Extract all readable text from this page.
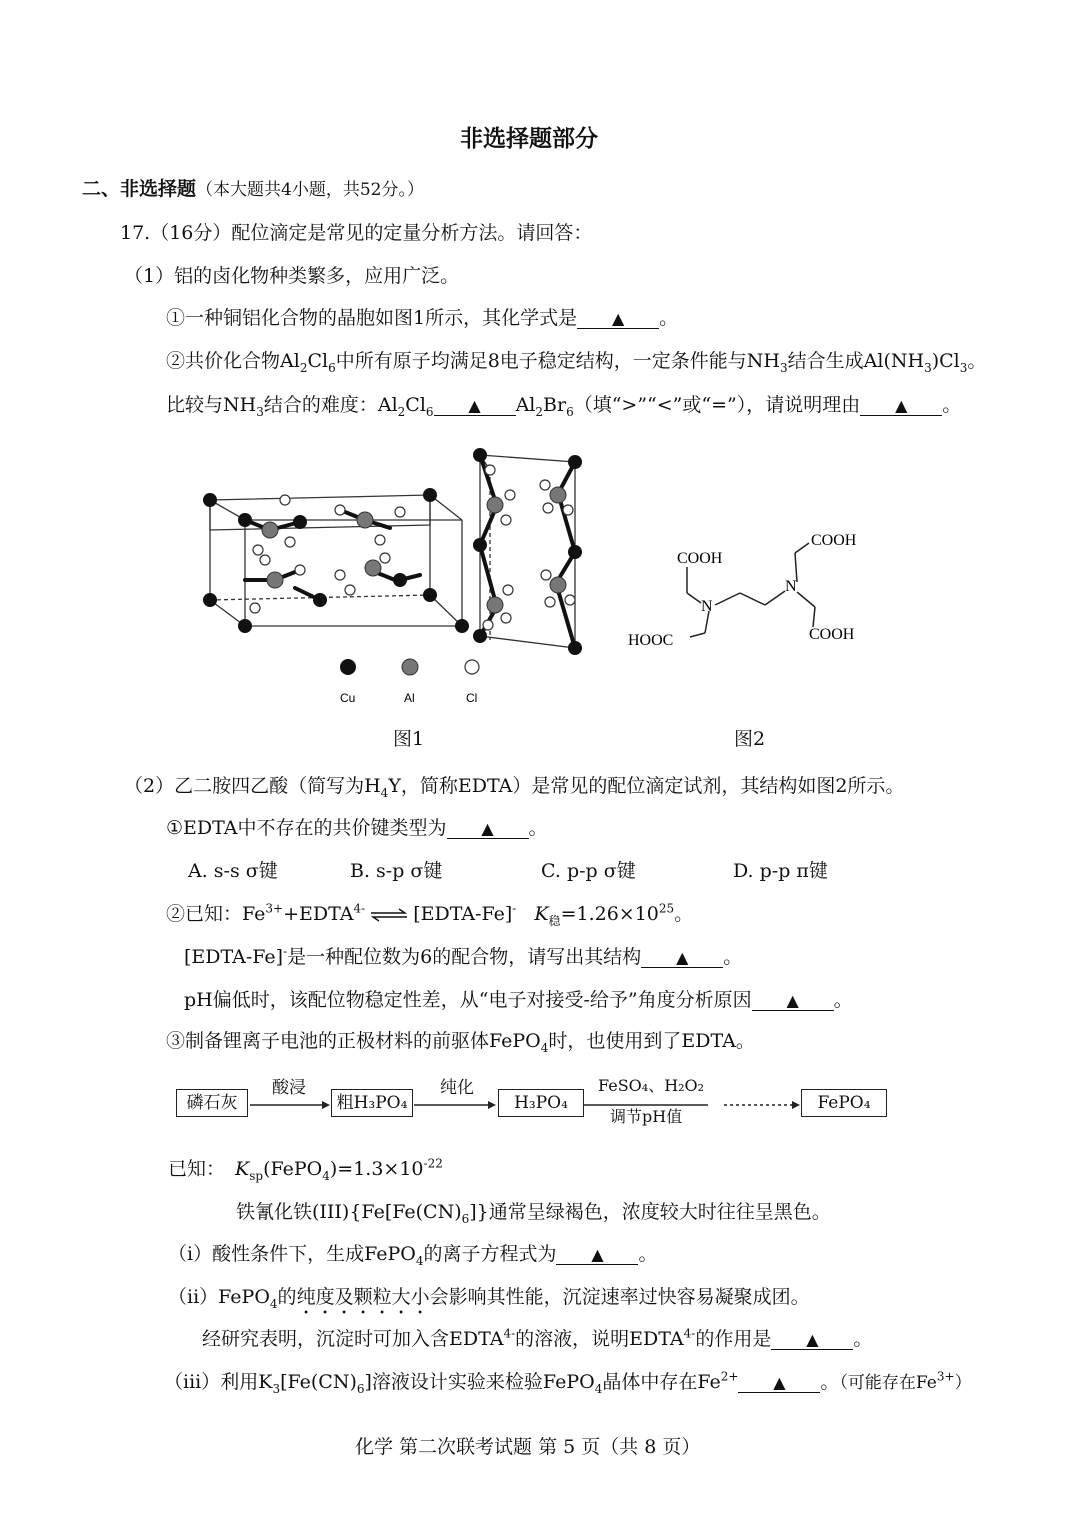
非选择题部分
二、非选择题（本大题共4小题，共52分。）
17.（16分）配位滴定是常见的定量分析方法。请回答：
（1）铝的卤化物种类繁多，应用广泛。
①一种铜铝化合物的晶胞如图1所示，其化学式是 ▲ 。
②共价化合物$Al_2Cl_6$中所有原子均满足8电子稳定结构，一定条件能与$NH_3$结合生成$Al(NH_3)Cl_3$。
比较与$NH_3$结合的难度：$Al_2Cl_6$ ▲ $Al_2Br_6$（填“>”“<”或“=”），请说明理由 ▲ 。
Cu	Al	Cl
图1
COOH
COOH
HOOC	COOH
N
N
图2
（2）乙二胺四乙酸（简写为$H_4Y$，简称EDTA）是常见的配位滴定试剂，其结构如图2所示。
①EDTA中不存在的共价键类型为 ▲ 。
A. s-s σ键	B. s-p σ键	C. p-p σ键	D. p-p π键
②已知：$Fe^{3+}+EDTA^{4-}$ ⇌ [EDTA-Fe]- $K_稳=1.26\times 10^{25}$。
[EDTA-Fe]-是一种配位数为6的配合物，请写出其结构 ▲ 。
pH偏低时，该配位物稳定性差，从“电子对接受-给予”角度分析原因 ▲ 。
③制备锂离子电池的正极材料的前驱体FePO$_4$时，也使用到了EDTA。
磷石灰	粗H₃PO₄	H₃PO₄	FePO₄
酸浸	纯化	FeSO₄、H₂O₂
调节pH值
已知： $K_{sp}(FePO_4)=1.3\times 10^{-22}$
铁氰化铁$(III)\{Fe[Fe(CN)_6]\}$通常呈绿褐色，浓度较大时往往呈黑色。
（i）酸性条件下，生成FePO$_4$的离子方程式为 ▲ 。
（ii）FePO$_4$的纯度及颗粒大小会影响其性能，沉淀速率过快容易凝聚成团。
经研究表明，沉淀时可加入含$EDTA^{4-}$的溶液，说明$EDTA^{4-}$的作用是 ▲ 。
（iii）利用$K_3[Fe(CN)_6]$溶液设计实验来检验FePO$_4$晶体中存在$Fe^{2+}$ ▲ 。（可能存在$Fe^{3+}$）
化学 第二次联考试题 第 5 页（共 8 页）
